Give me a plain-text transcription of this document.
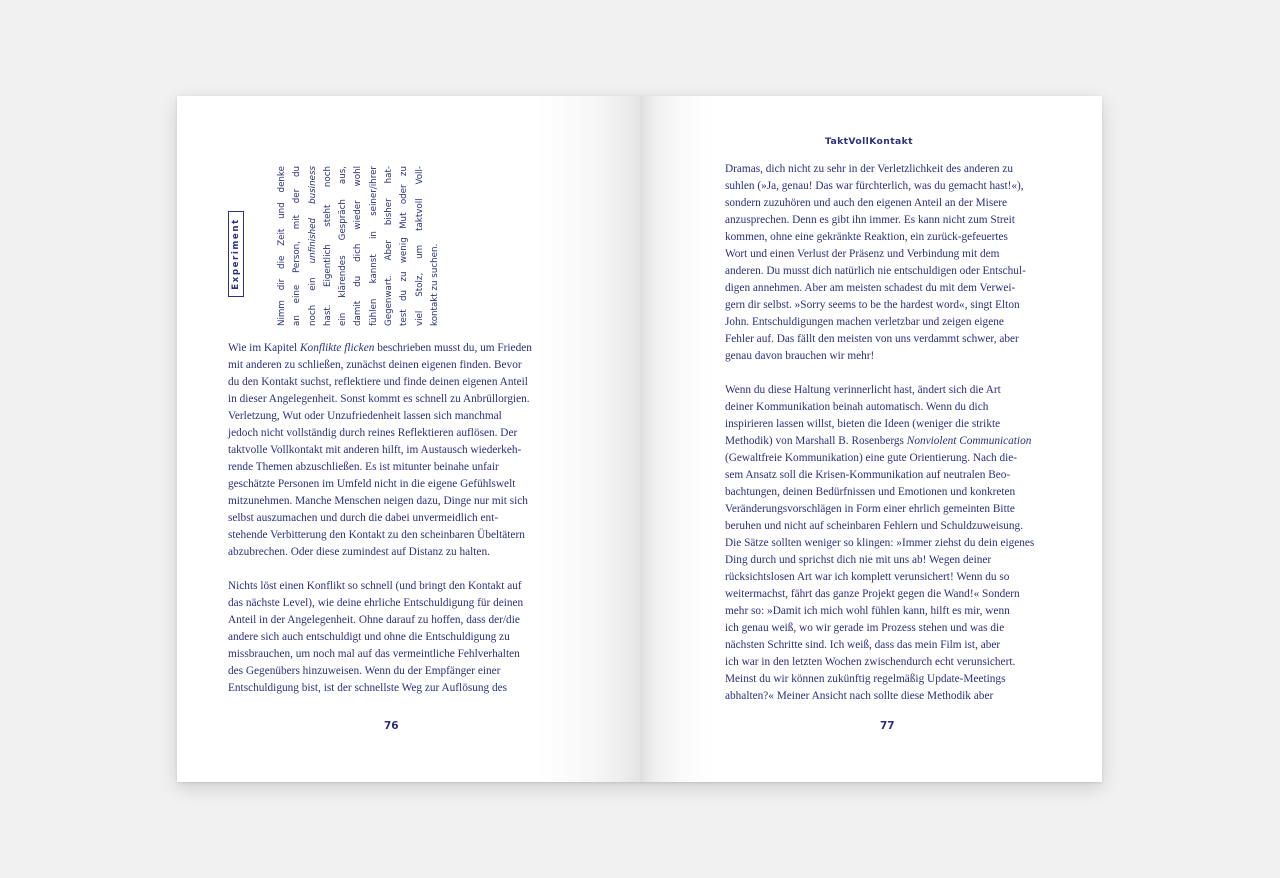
Experiment	Nimm dir die Zeit und denke an eine Person, mit der du noch ein unfinished business hast. Eigentlich steht noch ein klärendes Gespräch aus, damit du dich wieder wohl fühlen kannst in seiner/ihrer Gegenwart. Aber bisher hat- test du zu wenig Mut oder zu viel Stolz, um taktvoll Voll- kontakt zu suchen.
Wie im Kapitel Konflikte flicken beschrieben musst du, um Frieden
mit anderen zu schließen, zunächst deinen eigenen finden. Bevor
du den Kontakt suchst, reflektiere und finde deinen eigenen Anteil
in dieser Angelegenheit. Sonst kommt es schnell zu Anbrüllorgien.
Verletzung, Wut oder Unzufriedenheit lassen sich manchmal
jedoch nicht vollständig durch reines Reflektieren auflösen. Der
taktvolle Vollkontakt mit anderen hilft, im Austausch wiederkeh-
rende Themen abzuschließen. Es ist mitunter beinahe unfair
geschätzte Personen im Umfeld nicht in die eigene Gefühlswelt
mitzunehmen. Manche Menschen neigen dazu, Dinge nur mit sich
selbst auszumachen und durch die dabei unvermeidlich ent-
stehende Verbitterung den Kontakt zu den scheinbaren Übeltätern
abzubrechen. Oder diese zumindest auf Distanz zu halten.
Nichts löst einen Konflikt so schnell (und bringt den Kontakt auf
das nächste Level), wie deine ehrliche Entschuldigung für deinen
Anteil in der Angelegenheit. Ohne darauf zu hoffen, dass der/die
andere sich auch entschuldigt und ohne die Entschuldigung zu
missbrauchen, um noch mal auf das vermeintliche Fehlverhalten
des Gegenübers hinzuweisen. Wenn du der Empfänger einer
Entschuldigung bist, ist der schnellste Weg zur Auflösung des
76
TaktVollKontakt
Dramas, dich nicht zu sehr in der Verletzlichkeit des anderen zu
suhlen (»Ja, genau! Das war fürchterlich, was du gemacht hast!«),
sondern zuzuhören und auch den eigenen Anteil an der Misere
anzusprechen. Denn es gibt ihn immer. Es kann nicht zum Streit
kommen, ohne eine gekränkte Reaktion, ein zurück-gefeuertes
Wort und einen Verlust der Präsenz und Verbindung mit dem
anderen. Du musst dich natürlich nie entschuldigen oder Entschul-
digen annehmen. Aber am meisten schadest du mit dem Verwei-
gern dir selbst. »Sorry seems to be the hardest word«, singt Elton
John. Entschuldigungen machen verletzbar und zeigen eigene
Fehler auf. Das fällt den meisten von uns verdammt schwer, aber
genau davon brauchen wir mehr!
Wenn du diese Haltung verinnerlicht hast, ändert sich die Art
deiner Kommunikation beinah automatisch. Wenn du dich
inspirieren lassen willst, bieten die Ideen (weniger die strikte
Methodik) von Marshall B. Rosenbergs Nonviolent Communication
(Gewaltfreie Kommunikation) eine gute Orientierung. Nach die-
sem Ansatz soll die Krisen-Kommunikation auf neutralen Beo-
bachtungen, deinen Bedürfnissen und Emotionen und konkreten
Veränderungsvorschlägen in Form einer ehrlich gemeinten Bitte
beruhen und nicht auf scheinbaren Fehlern und Schuldzuweisung.
Die Sätze sollten weniger so klingen: »Immer ziehst du dein eigenes
Ding durch und sprichst dich nie mit uns ab! Wegen deiner
rücksichtslosen Art war ich komplett verunsichert! Wenn du so
weitermachst, fährt das ganze Projekt gegen die Wand!« Sondern
mehr so: »Damit ich mich wohl fühlen kann, hilft es mir, wenn
ich genau weiß, wo wir gerade im Prozess stehen und was die
nächsten Schritte sind. Ich weiß, dass das mein Film ist, aber
ich war in den letzten Wochen zwischendurch echt verunsichert.
Meinst du wir können zukünftig regelmäßig Update-Meetings
abhalten?« Meiner Ansicht nach sollte diese Methodik aber
77
